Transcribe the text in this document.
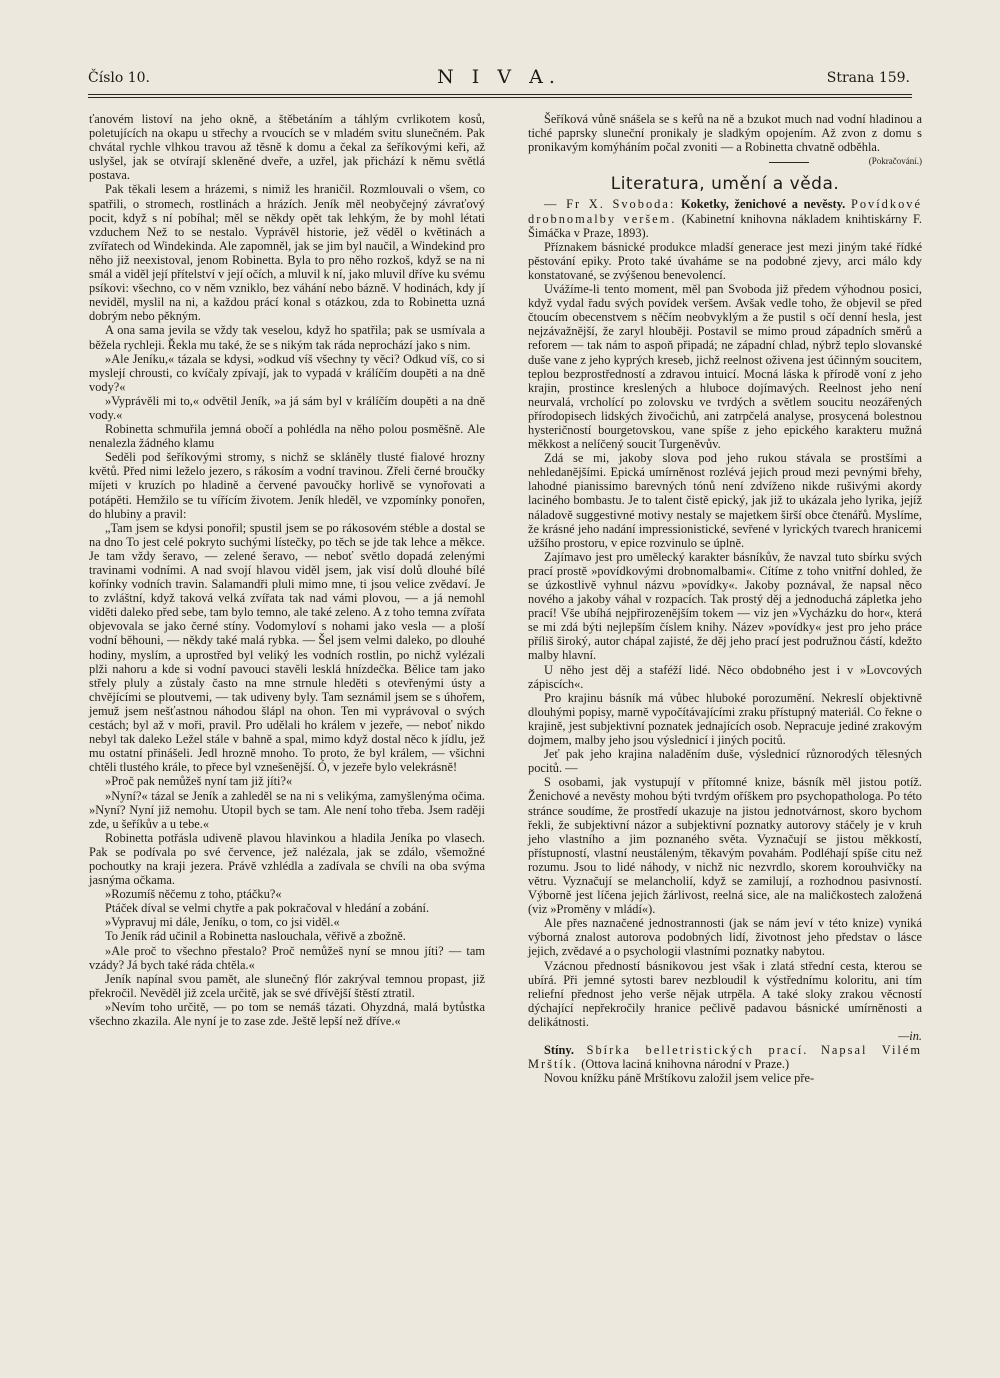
Číslo 10.	N I V A.	Strana 159.

ťanovém listoví na jeho okně, a štěbetáním a táhlým cvrlikotem kosů, poletujících na okapu u střechy a rvoucích se v mladém svitu slunečném. Pak chvátal rychle vlhkou travou až těsně k domu a čekal za šeříkovými keři, až uslyšel, jak se otvírají skleněné dveře, a uzřel, jak přichází k němu světlá postava.

Pak těkali lesem a hrázemi, s nimiž les hraničil. Rozmlouvali o všem, co spatřili, o stromech, rostlinách a hrázích. Jeník měl neobyčejný závraťový pocit, když s ní pobíhal; měl se někdy opět tak lehkým, že by mohl létati vzduchem Než to se nestalo. Vyprávěl historie, jež věděl o květinách a zvířatech od Windekinda. Ale zapomněl, jak se jim byl naučil, a Windekind pro něho již neexistoval, jenom Robinetta. Byla to pro něho rozkoš, když se na ni smál a viděl její přítelství v její očích, a mluvil k ní, jako mluvil dříve ku svému psíkovi: všechno, co v něm vzniklo, bez váhání nebo bázně. V hodinách, kdy jí neviděl, myslil na ni, a každou prácí konal s otázkou, zda to Robinetta uzná dobrým nebo pěkným.

A ona sama jevila se vždy tak veselou, když ho spatřila; pak se usmívala a běžela rychleji. Řekla mu také, že se s nikým tak ráda neprochází jako s nim.

»Ale Jeníku,« tázala se kdysi, »odkud víš všechny ty věci? Odkud víš, co si myslejí chrousti, co kvíčaly zpívají, jak to vypadá v králíčím doupěti a na dně vody?«

»Vyprávěli mi to,« odvětil Jeník, »a já sám byl v králíčím doupěti a na dně vody.«

Robinetta schmuřila jemná obočí a pohlédla na něho polou posměšně. Ale nenalezla žádného klamu

Seděli pod šeříkovými stromy, s nichž se skláněly tlusté fialové hrozny květů. Před nimi leželo jezero, s rákosím a vodní travinou. Zřeli černé broučky míjeti v kruzích po hladině a červené pavoučky horlivě se vynořovati a potápěti. Hemžilo se tu vířícím životem. Jeník hleděl, ve vzpomínky ponořen, do hlubiny a pravil:

„Tam jsem se kdysi ponořil; spustil jsem se po rákosovém stéble a dostal se na dno To jest celé pokryto suchými lístečky, po těch se jde tak lehce a měkce. Je tam vždy šeravo, — zelené šeravo, — neboť světlo dopadá zelenými travinami vodními. A nad svojí hlavou viděl jsem, jak visí dolů dlouhé bílé kořínky vodních travin. Salamandři pluli mimo mne, ti jsou velice zvědaví. Je to zvláštní, když taková velká zvířata tak nad vámi plovou, — a já nemohl viděti daleko před sebe, tam bylo temno, ale také zeleno. A z toho temna zvířata objevovala se jako černé stíny. Vodomyloví s nohami jako vesla — a ploší vodní běhouni, — někdy také malá rybka. — Šel jsem velmi daleko, po dlouhé hodiny, myslím, a uprostřed byl veliký les vodních rostlin, po nichž vylézali plži nahoru a kde si vodní pavouci stavěli lesklá hnízdečka. Bělice tam jako střely pluly a zůstaly často na mne strnule hleděti s otevřenými ústy a chvějícími se ploutvemi, — tak udiveny byly. Tam seznámil jsem se s úhořem, jemuž jsem nešťastnou náhodou šlápl na ohon. Ten mi vyprávoval o svých cestách; byl až v moři, pravil. Pro udělali ho králem v jezeře, — neboť nikdo nebyl tak daleko Ležel stále v bahně a spal, mimo když dostal něco k jídlu, jež mu ostatní přinášeli. Jedl hrozně mnoho. To proto, že byl králem, — všichni chtěli tlustého krále, to přece byl vznešenější. Ó, v jezeře bylo velekrásně!

»Proč pak nemůžeš nyní tam již jíti?«

»Nyní?« tázal se Jeník a zahleděl se na ni s velikýma, zamyšlenýma očima. »Nyní? Nyní již nemohu. Utopil bych se tam. Ale není toho třeba. Jsem raději zde, u šeříkův a u tebe.«

Robinetta potřásla udiveně plavou hlavinkou a hladila Jeníka po vlasech. Pak se podívala po své července, jež nalézala, jak se zdálo, všemožné pochoutky na kraji jezera. Právě vzhlédla a zadívala se chvíli na oba svýma jasnýma očkama.

»Rozumíš něčemu z toho, ptáčku?«

Ptáček díval se velmi chytře a pak pokračoval v hledání a zobání.

»Vypravuj mi dále, Jeníku, o tom, co jsi viděl.«

To Jeník rád učinil a Robinetta naslouchala, věřivě a zbožně.

»Ale proč to všechno přestalo? Proč nemůžeš nyní se mnou jíti? — tam vzády? Já bych také ráda chtěla.«

Jeník napínal svou pamět, ale slunečný flór zakrýval temnou propast, již překročil. Nevěděl již zcela určitě, jak se své dřívější štěstí ztratil.

»Nevím toho určitě, — po tom se nemáš tázati. Ohyzdná, malá bytůstka všechno zkazila. Ale nyní je to zase zde. Ještě lepší než dříve.«

Šeříková vůně snášela se s keřů na ně a bzukot much nad vodní hladinou a tiché paprsky sluneční pronikaly je sladkým opojením. Až zvon z domu s pronikavým komýháním počal zvoniti — a Robinetta chvatně odběhla.

(Pokračování.)

Literatura, umění a věda.

— Fr X. Svoboda: Koketky, ženichové a nevěsty. Povídkové drobnomalby veršem. (Kabinetní knihovna nákladem knihtiskárny F. Šimáčka v Praze, 1893).

Příznakem básnické produkce mladší generace jest mezi jiným také řídké pěstování epiky. Proto také úvaháme se na podobné zjevy, arci málo kdy konstatované, se zvýšenou benevolencí.

Uvážíme-li tento moment, měl pan Svoboda již předem výhodnou posici, když vydal řadu svých povídek veršem. Avšak vedle toho, že objevil se před čtoucím obecenstvem s něčím neobvyklým a že pustil s očí denní hesla, jest nejzávažnější, že zaryl hlouběji. Postavil se mimo proud západních směrů a reforem — tak nám to aspoň připadá; ne západní chlad, nýbrž teplo slovanské duše vane z jeho kyprých kreseb, jichž reelnost oživena jest účinným soucitem, teplou bezprostředností a zdravou intuicí. Mocná láska k přírodě voní z jeho krajin, prostince kreslených a hluboce dojímavých. Reelnost jeho není neurvalá, vrcholící po zolovsku ve tvrdých a světlem soucitu neozářených přírodopisech lidských živočichů, ani zatrpčelá analyse, prosycená bolestnou hysteričností bourgetovskou, vane spíše z jeho epického karakteru mužná měkkost a nelíčený soucit Turgeněvův.

Zdá se mi, jakoby slova pod jeho rukou stávala se prostšími a nehledanějšími. Epická umírněnost rozlévá jejich proud mezi pevnými břehy, lahodné pianissimo barevných tónů není zdvíženo nikde rušivými akordy laciného bombastu. Je to talent čistě epický, jak již to ukázala jeho lyrika, jejíž náladově suggestivné motivy nestaly se majetkem širší obce čtenářů. Myslíme, že krásné jeho nadání impressionistické, sevřené v lyrických tvarech hranicemi užšího prostoru, v epice rozvinulo se úplně.

Zajímavo jest pro umělecký karakter básníkův, že navzal tuto sbírku svých prací prostě »povídkovými drobnomalbami«. Cítíme z toho vnitřní dohled, že se úzkostlivě vyhnul názvu »povídky«. Jakoby poznával, že napsal něco nového a jakoby váhal v rozpacích. Tak prostý děj a jednoduchá zápletka jeho prací! Vše ubíhá nejpřirozenějším tokem — viz jen »Vycházku do hor«, která se mi zdá býti nejlepším číslem knihy. Název »povídky« jest pro jeho práce příliš široký, autor chápal zajisté, že děj jeho prací jest podružnou částí, kdežto malby hlavní.

U něho jest děj a staféží lidé. Něco obdobného jest i v »Lovcových zápiscích«.

Pro krajinu básník má vůbec hluboké porozumění. Nekreslí objektivně dlouhými popisy, marně vypočítávajícími zraku přístupný materiál. Co řekne o krajině, jest subjektivní poznatek jednajících osob. Nepracuje jediné zrakovým dojmem, malby jeho jsou výslednicí i jiných pocitů.

Jeť pak jeho krajina naladěním duše, výslednicí různorodých tělesných pocitů. —

S osobami, jak vystupují v přítomné knize, básník měl jistou potíž. Ženichové a nevěsty mohou býti tvrdým oříškem pro psychopathologa. Po této stránce soudíme, že prostředí ukazuje na jistou jednotvárnost, skoro bychom řekli, že subjektivní názor a subjektivní poznatky autorovy stáčely je v kruh jeho vlastního a jim poznaného světa. Vyznačují se jistou měkkostí, přístupností, vlastní neustáleným, těkavým povahám. Podléhají spíše citu než rozumu. Jsou to lidé náhody, v nichž nic nezvrdlo, skorem korouhvičky na větru. Vyznačují se melancholií, když se zamilují, a rozhodnou pasivností. Výborně jest líčena jejich žárlivost, reelná sice, ale na maličkostech založená (viz »Proměny v mládí«).

Ale přes naznačené jednostrannosti (jak se nám jeví v této knize) vyniká výborná znalost autorova podobných lidí, životnost jeho představ o lásce jejich, zvědavé a o psychologii vlastními poznatky nabytou.

Vzácnou předností básnikovou jest však i zlatá střední cesta, kterou se ubírá. Při jemné sytosti barev nezbloudil k výstřednímu koloritu, ani tím reliefní přednost jeho verše nějak utrpěla. A také sloky zrakou věcností dýchající nepřekročily hranice pečlivě padavou básnické umírněnosti a delikátnosti.

—in.

Stíny. Sbírka belletristických prací. Napsal Vilém Mrštík. (Ottova laciná knihovna národní v Praze.)

Novou knížku páně Mrštíkovu založil jsem velice pře-
